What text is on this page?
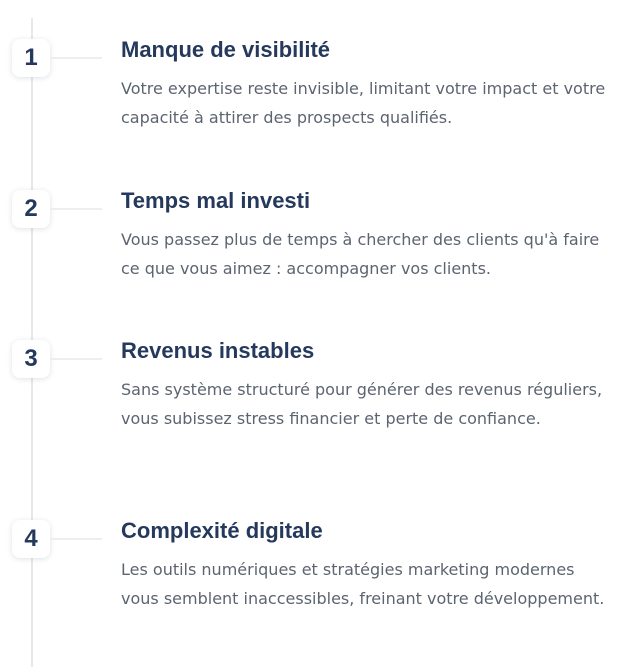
1	Manque de visibilité

Votre expertise reste invisible, limitant votre impact et votre capacité à attirer des prospects qualifiés.

2	Temps mal investi

Vous passez plus de temps à chercher des clients qu'à faire ce que vous aimez : accompagner vos clients.

3	Revenus instables

Sans système structuré pour générer des revenus réguliers, vous subissez stress financier et perte de confiance.

4	Complexité digitale

Les outils numériques et stratégies marketing modernes vous semblent inaccessibles, freinant votre développement.
